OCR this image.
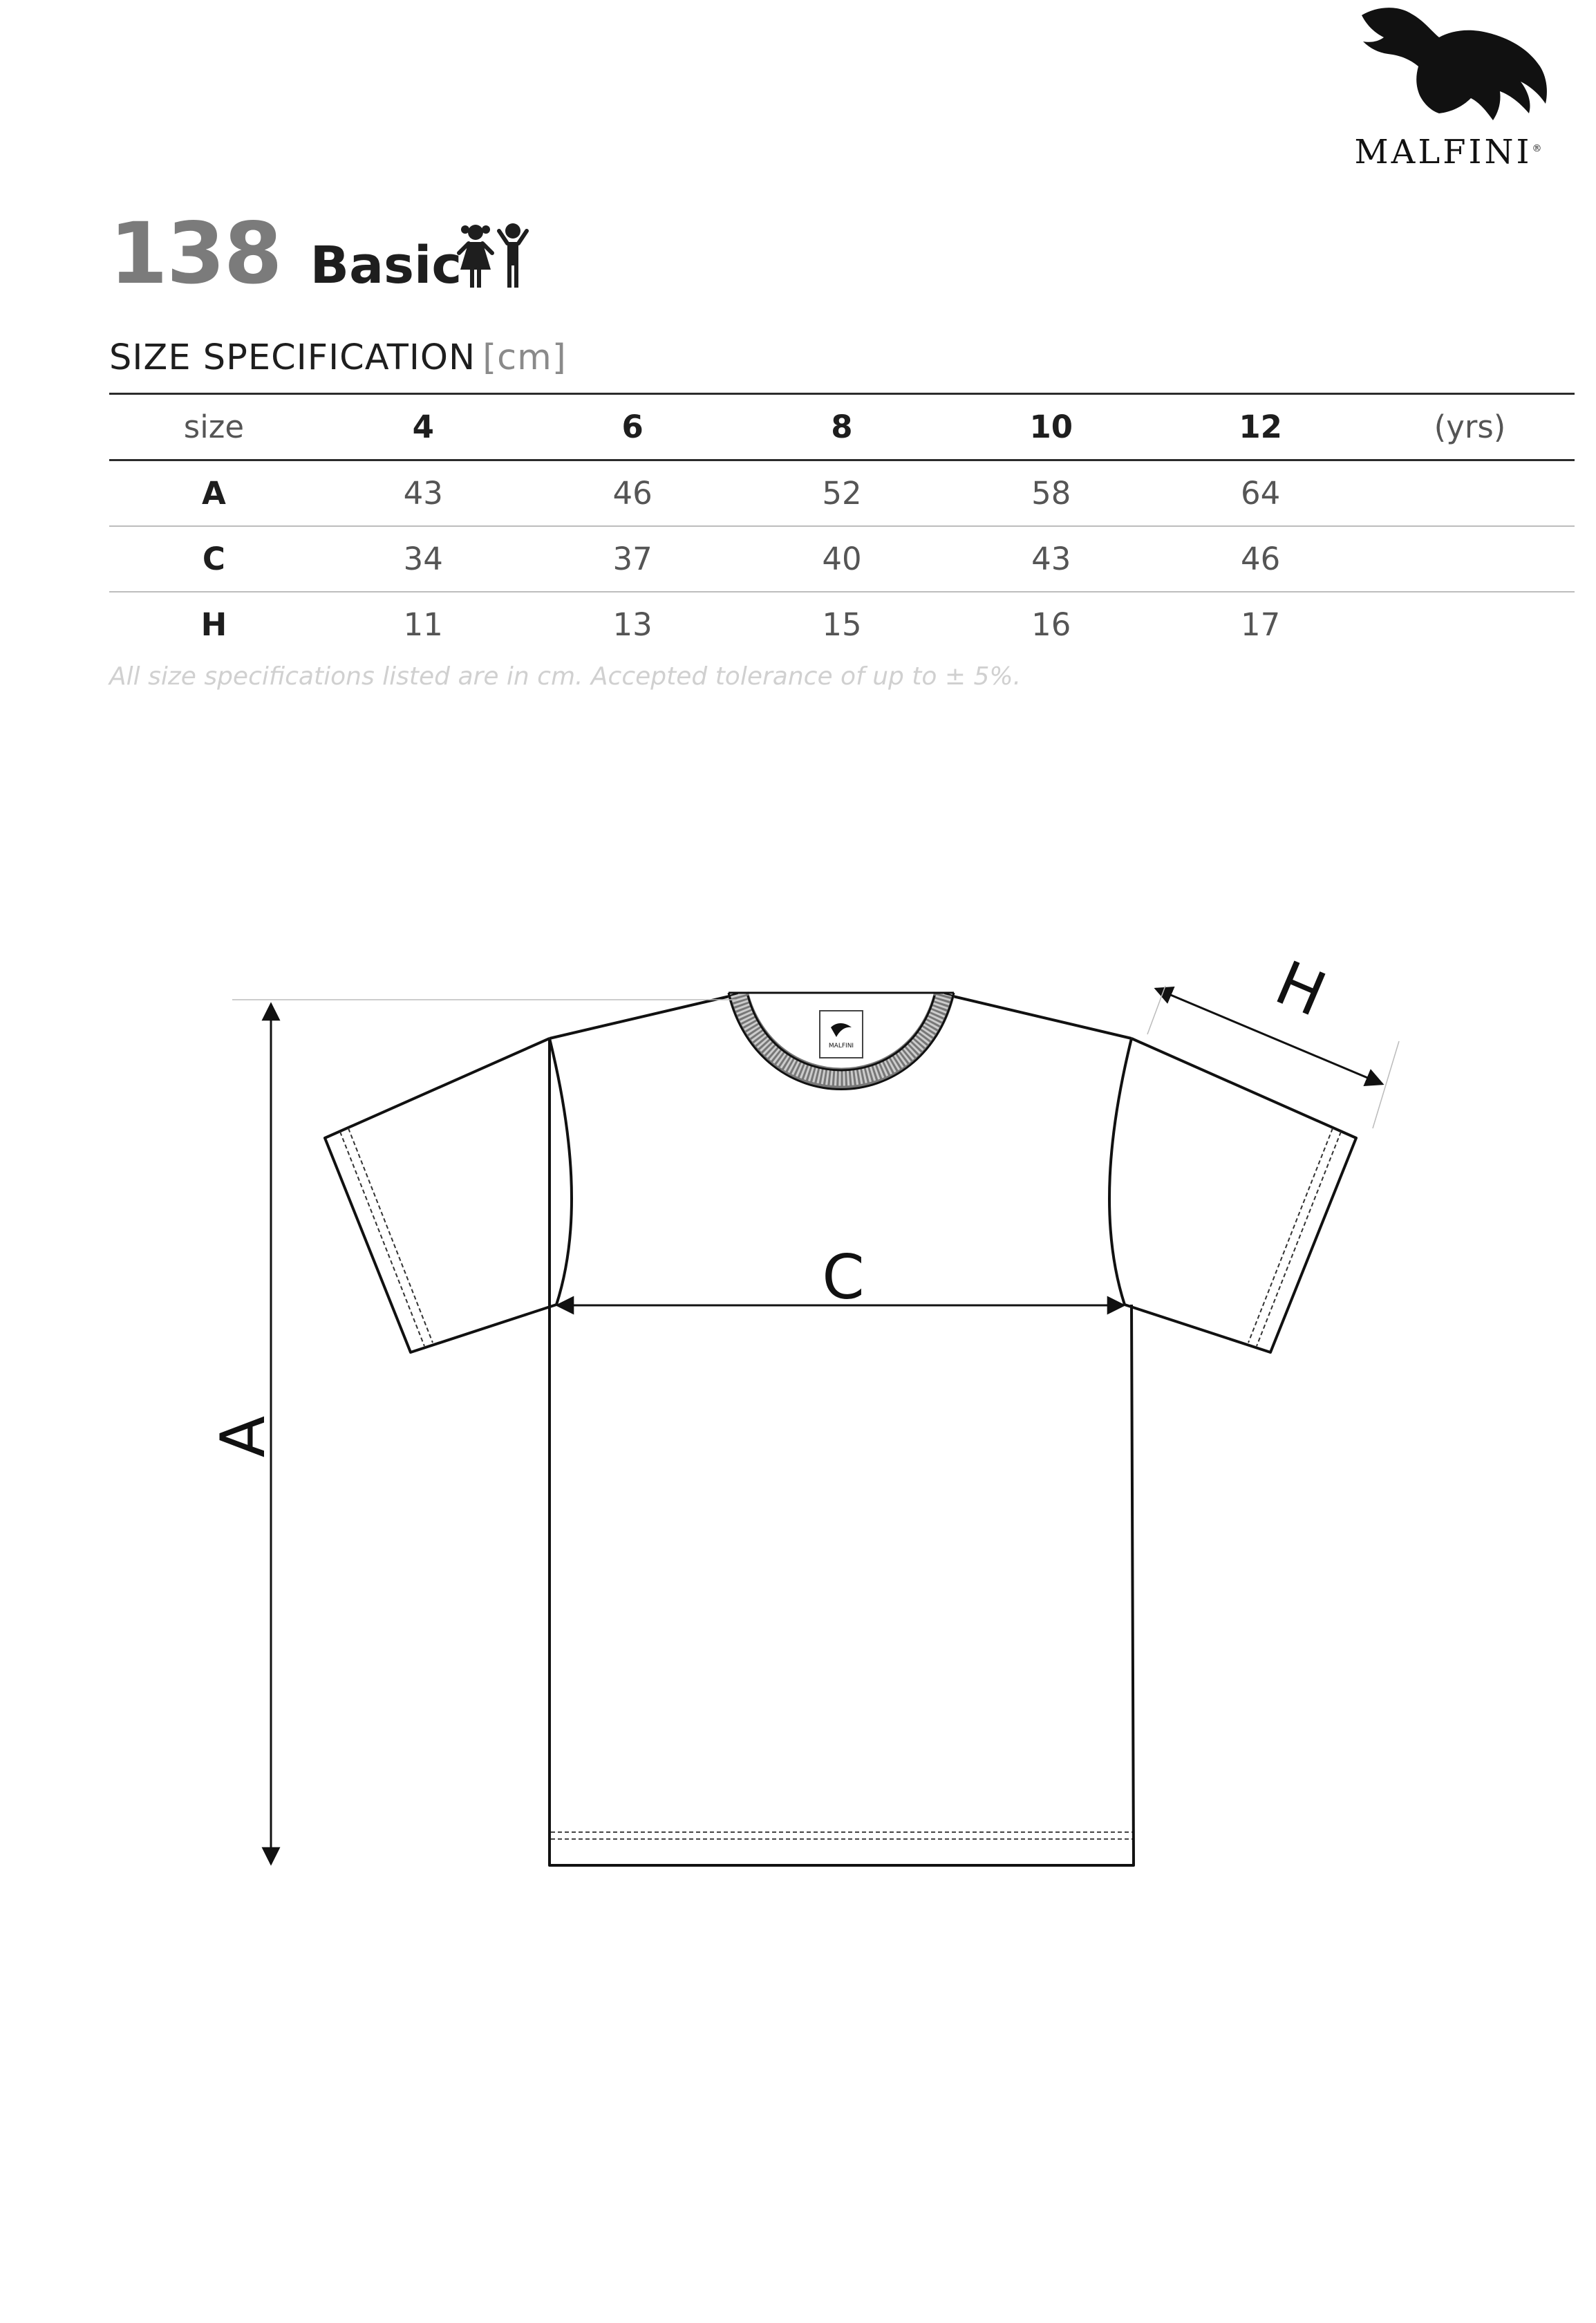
MALFINI®
138 Basic
SIZE SPECIFICATION [cm]
size	4	6	8	10	12	(yrs)
A	43	46	52	58	64	
C	34	37	40	43	46	
H	11	13	15	16	17	
All size specifications listed are in cm. Accepted tolerance of up to ± 5%.
MALFINI
A
C
H
